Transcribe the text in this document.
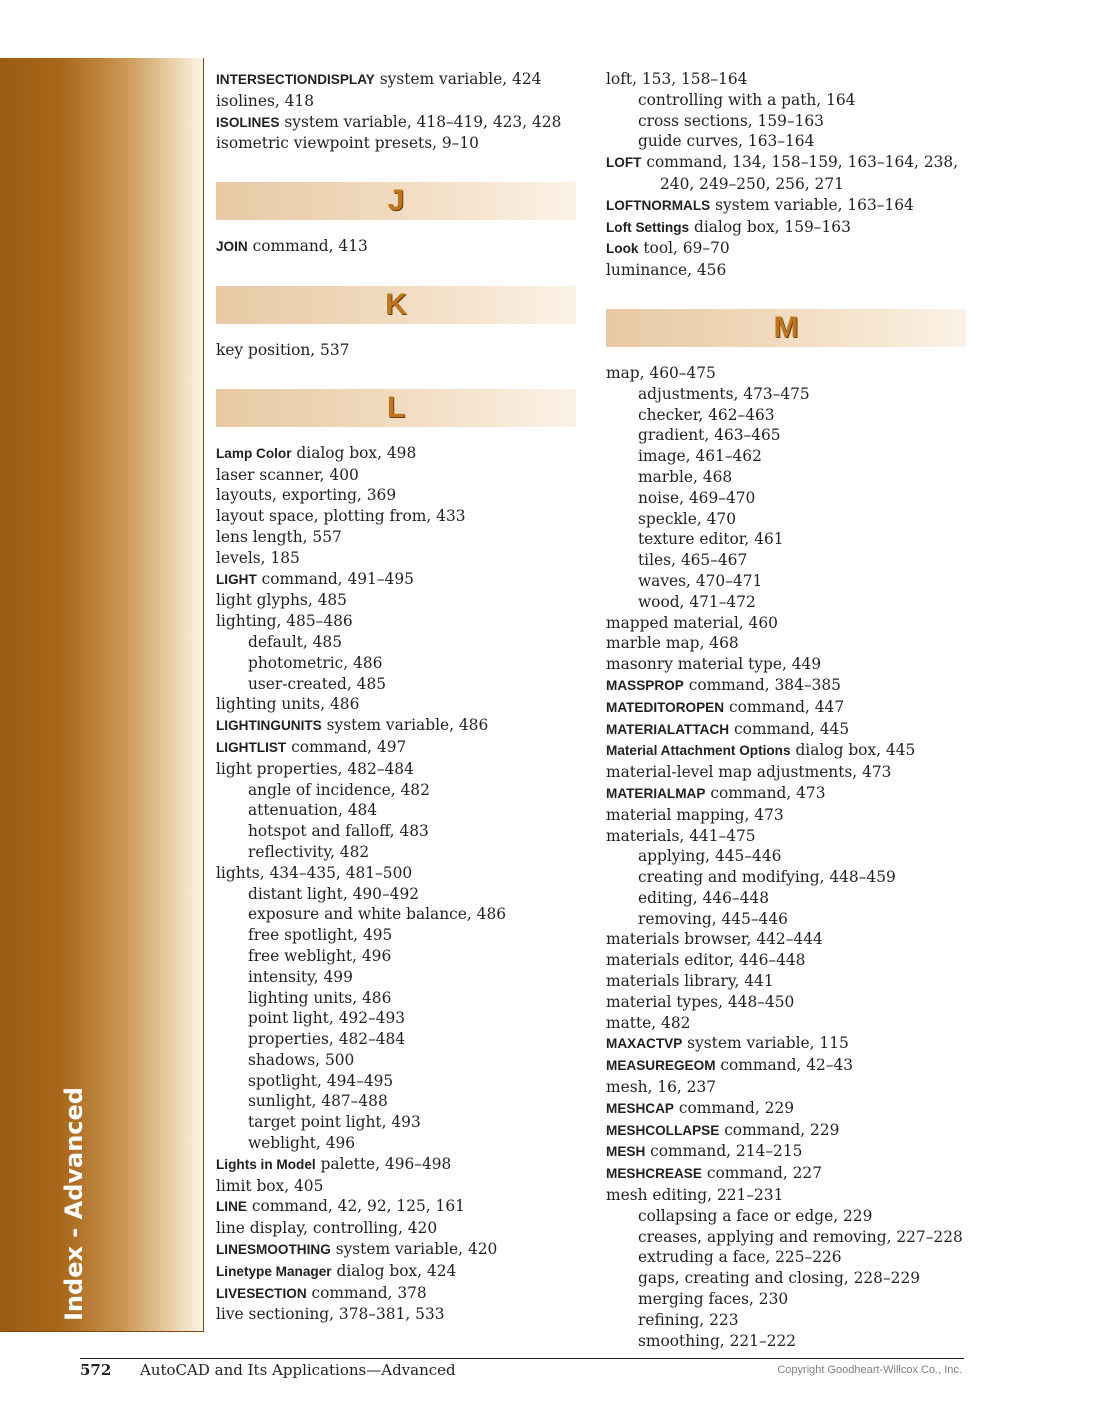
Index - Advanced
INTERSECTIONDISPLAY system variable, 424
isolines, 418
ISOLINES system variable, 418–419, 423, 428
isometric viewpoint presets, 9–10
J
JOIN command, 413
K
key position, 537
L
Lamp Color dialog box, 498
laser scanner, 400
layouts, exporting, 369
layout space, plotting from, 433
lens length, 557
levels, 185
LIGHT command, 491–495
light glyphs, 485
lighting, 485–486
default, 485
photometric, 486
user-created, 485
lighting units, 486
LIGHTINGUNITS system variable, 486
LIGHTLIST command, 497
light properties, 482–484
angle of incidence, 482
attenuation, 484
hotspot and falloff, 483
reflectivity, 482
lights, 434–435, 481–500
distant light, 490–492
exposure and white balance, 486
free spotlight, 495
free weblight, 496
intensity, 499
lighting units, 486
point light, 492–493
properties, 482–484
shadows, 500
spotlight, 494–495
sunlight, 487–488
target point light, 493
weblight, 496
Lights in Model palette, 496–498
limit box, 405
LINE command, 42, 92, 125, 161
line display, controlling, 420
LINESMOOTHING system variable, 420
Linetype Manager dialog box, 424
LIVESECTION command, 378
live sectioning, 378–381, 533
loft, 153, 158–164
controlling with a path, 164
cross sections, 159–163
guide curves, 163–164
LOFT command, 134, 158–159, 163–164, 238,
240, 249–250, 256, 271
LOFTNORMALS system variable, 163–164
Loft Settings dialog box, 159–163
Look tool, 69–70
luminance, 456
M
map, 460–475
adjustments, 473–475
checker, 462–463
gradient, 463–465
image, 461–462
marble, 468
noise, 469–470
speckle, 470
texture editor, 461
tiles, 465–467
waves, 470–471
wood, 471–472
mapped material, 460
marble map, 468
masonry material type, 449
MASSPROP command, 384–385
MATEDITOROPEN command, 447
MATERIALATTACH command, 445
Material Attachment Options dialog box, 445
material-level map adjustments, 473
MATERIALMAP command, 473
material mapping, 473
materials, 441–475
applying, 445–446
creating and modifying, 448–459
editing, 446–448
removing, 445–446
materials browser, 442–444
materials editor, 446–448
materials library, 441
material types, 448–450
matte, 482
MAXACTVP system variable, 115
MEASUREGEOM command, 42–43
mesh, 16, 237
MESHCAP command, 229
MESHCOLLAPSE command, 229
MESH command, 214–215
MESHCREASE command, 227
mesh editing, 221–231
collapsing a face or edge, 229
creases, applying and removing, 227–228
extruding a face, 225–226
gaps, creating and closing, 228–229
merging faces, 230
refining, 223
smoothing, 221–222
572 AutoCAD and Its Applications—Advanced	Copyright Goodheart-Willcox Co., Inc.
